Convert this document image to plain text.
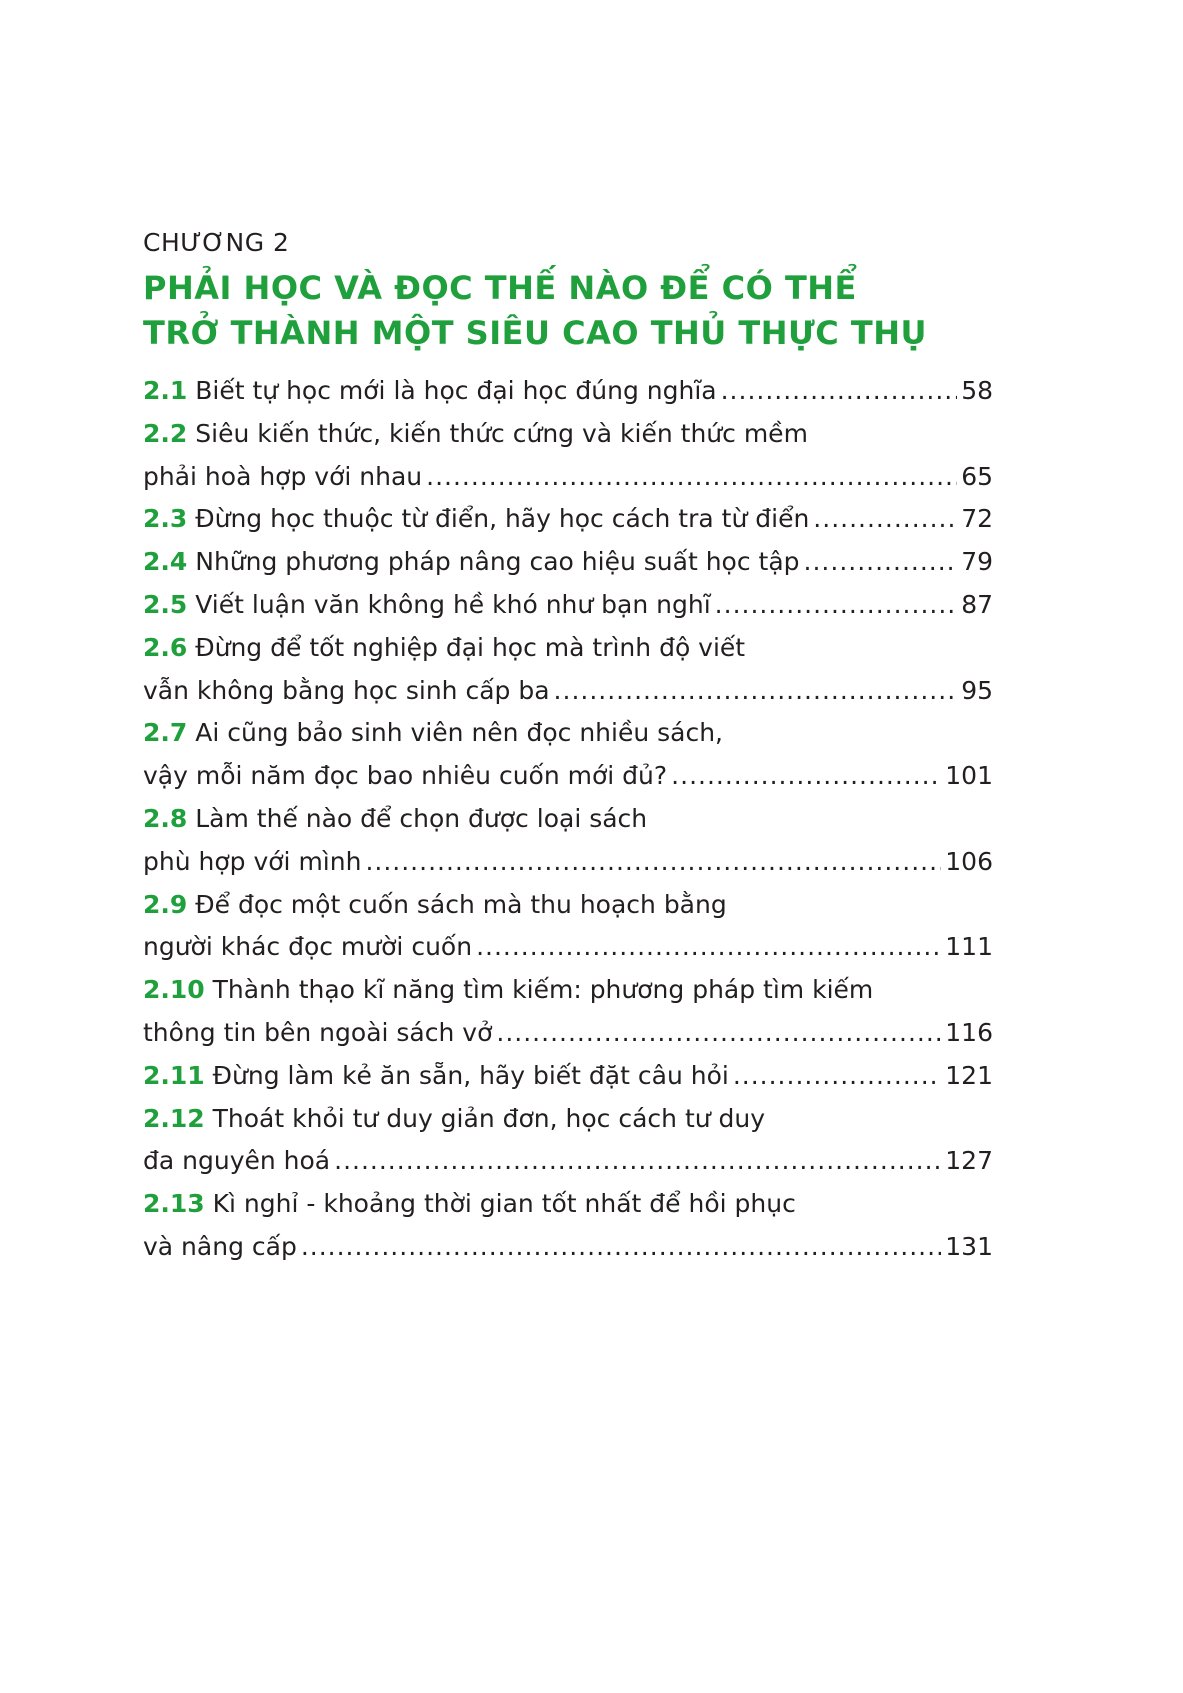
CHƯƠNG 2
PHẢI HỌC VÀ ĐỌC THẾ NÀO ĐỂ CÓ THỂ
TRỞ THÀNH MỘT SIÊU CAO THỦ THỰC THỤ
2.1
Biết tự học mới là học đại học đúng nghĩa .....	58
2.2
Siêu kiến thức, kiến thức cứng và kiến thức mềm
phải hoà hợp với nhau .....	65
2.3
Đừng học thuộc từ điển, hãy học cách tra từ điển .....	72
2.4
Những phương pháp nâng cao hiệu suất học tập .....	79
2.5
Viết luận văn không hề khó như bạn nghĩ .....	87
2.6
Đừng để tốt nghiệp đại học mà trình độ viết
vẫn không bằng học sinh cấp ba .....	95
2.7
Ai cũng bảo sinh viên nên đọc nhiều sách,
vậy mỗi năm đọc bao nhiêu cuốn mới đủ? .....	101
2.8
Làm thế nào để chọn được loại sách
phù hợp với mình .....	106
2.9
Để đọc một cuốn sách mà thu hoạch bằng
người khác đọc mười cuốn .....	111
2.10
Thành thạo kĩ năng tìm kiếm: phương pháp tìm kiếm
thông tin bên ngoài sách vở .....	116
2.11
Đừng làm kẻ ăn sẵn, hãy biết đặt câu hỏi .....	121
2.12
Thoát khỏi tư duy giản đơn, học cách tư duy
đa nguyên hoá .....	127
2.13
Kì nghỉ - khoảng thời gian tốt nhất để hồi phục
và nâng cấp .....	131
